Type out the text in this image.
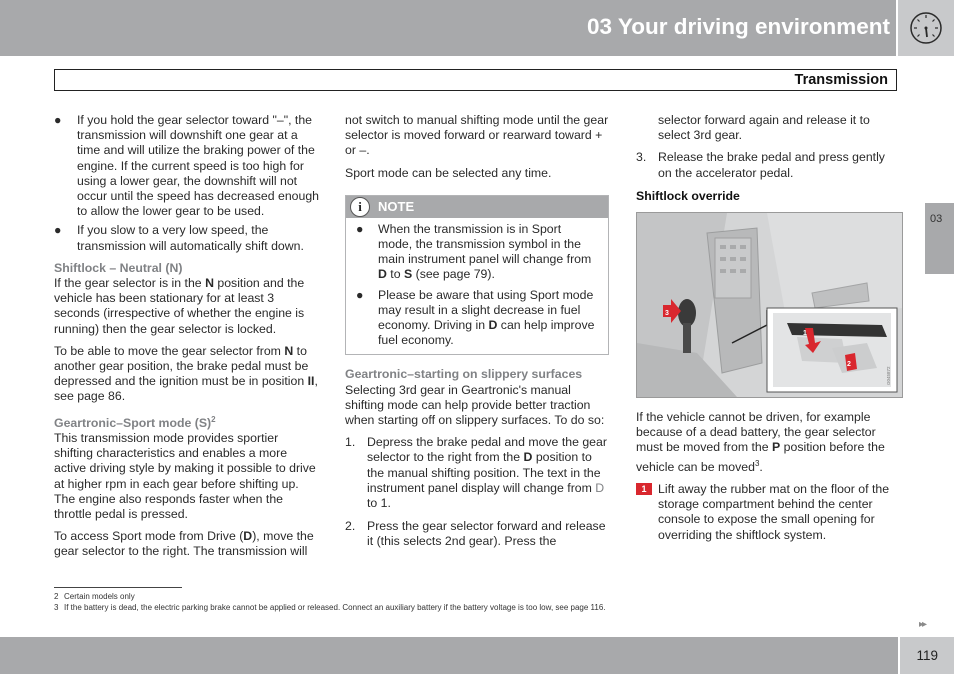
03 Your driving environment
Transmission
● If you hold the gear selector toward "–", the transmission will downshift one gear at a time and will utilize the braking power of the engine. If the current speed is too high for using a lower gear, the downshift will not occur until the speed has decreased enough to allow the lower gear to be used.
● If you slow to a very low speed, the transmission will automatically shift down.
Shiftlock – Neutral (N)

If the gear selector is in the N position and the vehicle has been stationary for at least 3 seconds (irrespective of whether the engine is running) then the gear selector is locked.

To be able to move the gear selector from N to another gear position, the brake pedal must be depressed and the ignition must be in position II, see page 86.

Geartronic–Sport mode $(S)^2$

This transmission mode provides sportier shifting characteristics and enables a more active driving style by making it possible to drive at higher rpm in each gear before shifting up. The engine also responds faster when the throttle pedal is pressed.

To access Sport mode from Drive (D), move the gear selector to the right. The transmission will

not switch to manual shifting mode until the gear selector is moved forward or rearward toward + or –.

Sport mode can be selected any time.

i	NOTE
● When the transmission is in Sport mode, the transmission symbol in the main instrument panel will change from D to S (see page 79).
● Please be aware that using Sport mode may result in a slight decrease in fuel economy. Driving in D can help improve fuel economy.
Geartronic–starting on slippery surfaces

Selecting 3rd gear in Geartronic's manual shifting mode can help provide better traction when starting off on slippery surfaces. To do so:

1. Depress the brake pedal and move the gear selector to the right from the D position to the manual shifting position. The text in the instrument panel display will change from D to 1.
2. Press the gear selector forward and release it (this selects 2nd gear). Press the
selector forward again and release it to select 3rd gear.
3. Release the brake pedal and press gently on the accelerator pedal.
Shiftlock override
3
1
2
G045872

If the vehicle cannot be driven, for example because of a dead battery, the gear selector must be moved from the P position before the vehicle can be moved$^3$.

1 Lift away the rubber mat on the floor of the storage compartment behind the center console to expose the small opening for overriding the shiftlock system.
03
2 Certain models only
3 If the battery is dead, the electric parking brake cannot be applied or released. Connect an auxiliary battery if the battery voltage is too low, see page 116.
▸▸
119
